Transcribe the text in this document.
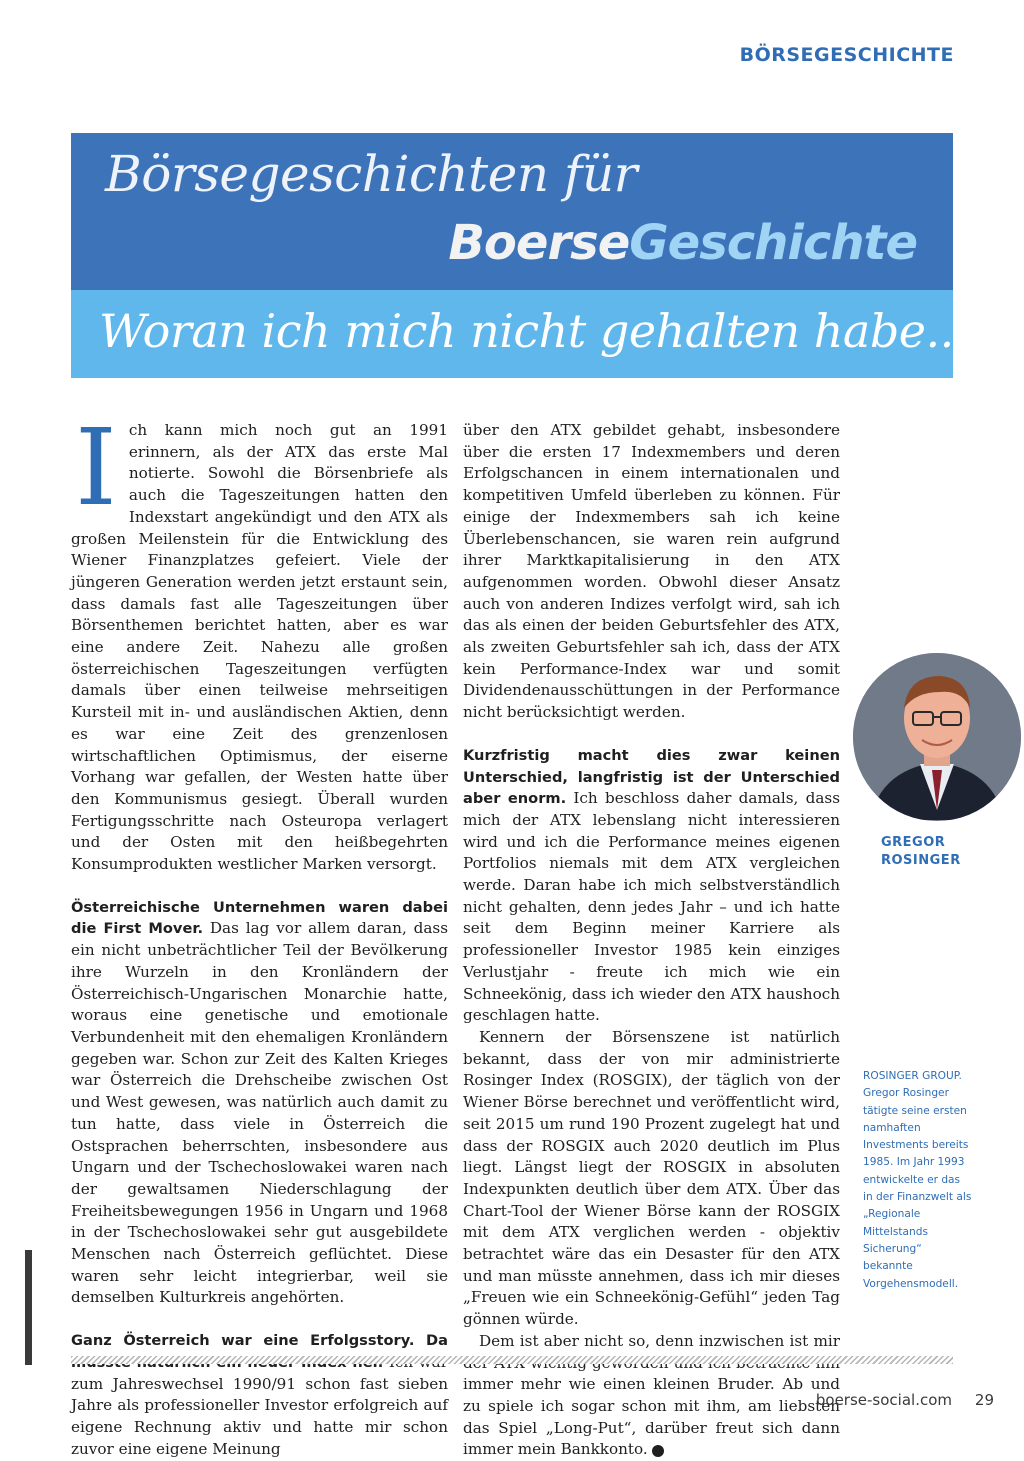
BÖRSEGESCHICHTE
Börsegeschichten für
BoerseGeschichte
Woran ich mich nicht gehalten habe...

Ich kann mich noch gut an 1991 erinnern, als der ATX das erste Mal notierte. Sowohl die Börsenbriefe als auch die Tageszeitungen hatten den Indexstart angekündigt und den ATX als großen Meilenstein für die Entwicklung des Wiener Finanzplatzes gefeiert. Viele der jüngeren Generation werden jetzt erstaunt sein, dass damals fast alle Tageszeitungen über Börsenthemen berichtet hatten, aber es war eine andere Zeit. Nahezu alle großen österreichischen Tageszeitungen verfügten damals über einen teilweise mehrseitigen Kursteil mit in- und ausländischen Aktien, denn es war eine Zeit des grenzenlosen wirtschaftlichen Optimismus, der eiserne Vorhang war gefallen, der Westen hatte über den Kommunismus gesiegt. Überall wurden Fertigungsschritte nach Osteuropa verlagert und der Osten mit den heißbegehrten Konsumprodukten westlicher Marken versorgt.

Österreichische Unternehmen waren dabei die First Mover. Das lag vor allem daran, dass ein nicht unbeträchtlicher Teil der Bevölkerung ihre Wurzeln in den Kronländern der Österreichisch-Ungarischen Monarchie hatte, woraus eine genetische und emotionale Verbundenheit mit den ehemaligen Kronländern gegeben war. Schon zur Zeit des Kalten Krieges war Österreich die Drehscheibe zwischen Ost und West gewesen, was natürlich auch damit zu tun hatte, dass viele in Österreich die Ostsprachen beherrschten, insbesondere aus Ungarn und der Tschechoslowakei waren nach der gewaltsamen Niederschlagung der Freiheitsbewegungen 1956 in Ungarn und 1968 in der Tschechoslowakei sehr gut ausgebildete Menschen nach Österreich geflüchtet. Diese waren sehr leicht integrierbar, weil sie demselben Kulturkreis angehörten.

Ganz Österreich war eine Erfolgsstory. Da zum Jahreswechsel 1990/91 schon fast sieben Jahre als professioneller Investor erfolgreich auf eigene Rechnung aktiv und hatte mir schon zuvor eine eigene Meinung

über den ATX gebildet gehabt, insbesondere über die ersten 17 Indexmembers und deren Erfolgschancen in einem internationalen und kompetitiven Umfeld überleben zu können. Für einige der Indexmembers sah ich keine Überlebenschancen, sie waren rein aufgrund ihrer Marktkapitalisierung in den ATX aufgenommen worden. Obwohl dieser Ansatz auch von anderen Indizes verfolgt wird, sah ich das als einen der beiden Geburtsfehler des ATX, als zweiten Geburtsfehler sah ich, dass der ATX kein Performance-Index war und somit Dividendenausschüttungen in der Performance nicht berücksichtigt werden.

Kurzfristig macht dies zwar keinen Unterschied, langfristig ist der Unterschied aber enorm. Ich beschloss daher damals, dass mich der ATX lebenslang nicht interessieren wird und ich die Performance meines eigenen Portfolios niemals mit dem ATX vergleichen werde. Daran habe ich mich selbstverständlich nicht gehalten, denn jedes Jahr – und ich hatte seit dem Beginn meiner Karriere als professioneller Investor 1985 kein einziges Verlustjahr - freute ich mich wie ein Schneekönig, dass ich wieder den ATX haushoch geschlagen hatte.

Kennern der Börsenszene ist natürlich bekannt, dass der von mir administrierte Rosinger Index (ROSGIX), der täglich von der Wiener Börse berechnet und veröffentlicht wird, seit 2015 um rund 190 Prozent zugelegt hat und dass der ROSGIX auch 2020 deutlich im Plus liegt. Längst liegt der ROSGIX in absoluten Indexpunkten deutlich über dem ATX. Über das Chart-Tool der Wiener Börse kann der ROSGIX mit dem ATX verglichen werden - objektiv betrachtet wäre das ein Desaster für den ATX und man müsste annehmen, dass ich mir dieses „Freuen wie ein Schneekönig-Gefühl“ jeden Tag gönnen würde.

Dem ist aber nicht so, denn inzwischen ist mir immer mehr wie einen kleinen Bruder. Ab und zu spiele ich sogar schon mit ihm, am liebsten das Spiel „Long-Put“, darüber freut sich dann immer mein Bankkonto. +

GREGOR
ROSINGER
ROSINGER GROUP. Gregor Rosinger tätigte seine ersten namhaften Investments bereits 1985. Im Jahr 1993 entwickelte er das in der Finanzwelt als „Regionale Mittelstands Sicherung“ bekannte Vorgehensmodell.
boerse-social.com 29
